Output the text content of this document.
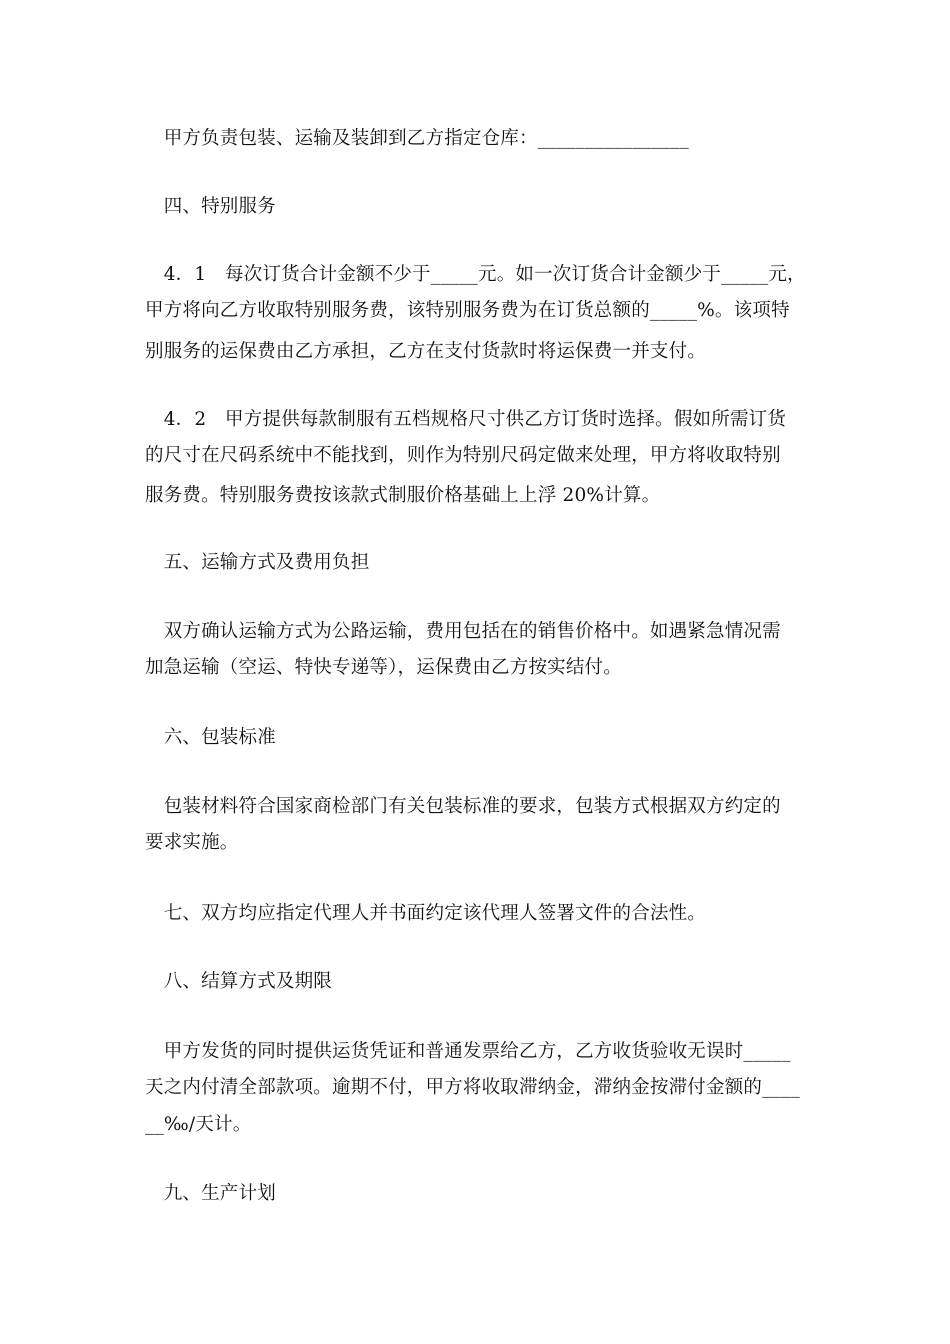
　甲方负责包装、运输及装卸到乙方指定仓库：________________
　四、特别服务
　4．1　每次订货合计金额不少于_____元。如一次订货合计金额少于_____元，
甲方将向乙方收取特别服务费，该特别服务费为在订货总额的_____%。该项特
别服务的运保费由乙方承担，乙方在支付货款时将运保费一并支付。
　4．2　甲方提供每款制服有五档规格尺寸供乙方订货时选择。假如所需订货
的尺寸在尺码系统中不能找到，则作为特别尺码定做来处理，甲方将收取特别
服务费。特别服务费按该款式制服价格基础上上浮 20%计算。
　五、运输方式及费用负担
　双方确认运输方式为公路运输，费用包括在的销售价格中。如遇紧急情况需
加急运输（空运、特快专递等），运保费由乙方按实结付。
　六、包装标准
　包装材料符合国家商检部门有关包装标准的要求，包装方式根据双方约定的
要求实施。
　七、双方均应指定代理人并书面约定该代理人签署文件的合法性。
　八、结算方式及期限
　甲方发货的同时提供运货凭证和普通发票给乙方，乙方收货验收无误时_____
天之内付清全部款项。逾期不付，甲方将收取滞纳金，滞纳金按滞付金额的____
__‰/天计。
　九、生产计划
